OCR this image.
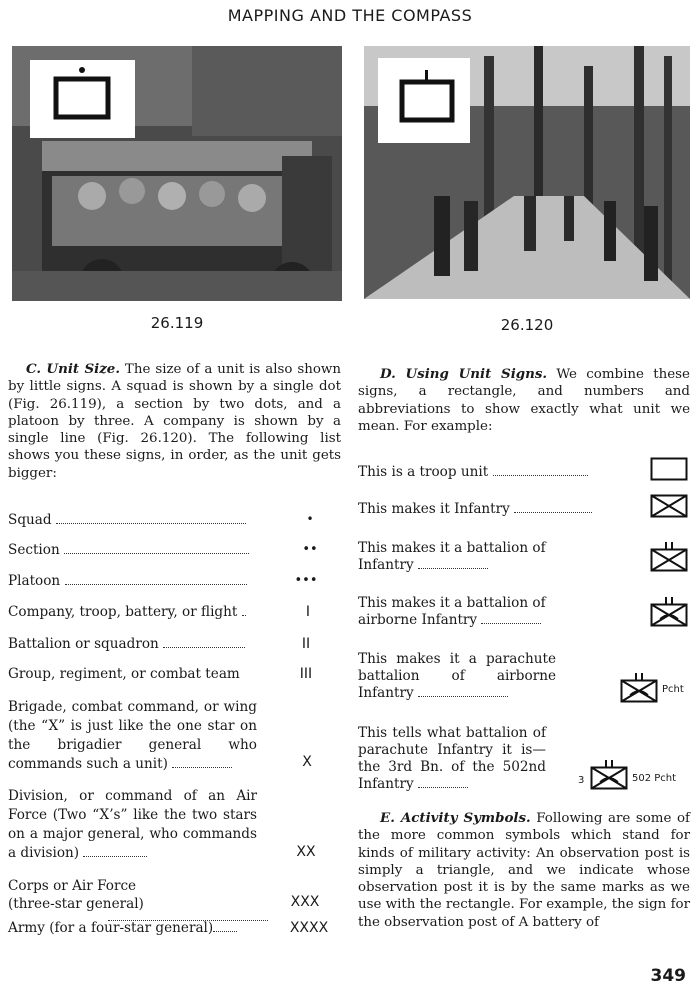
MAPPING AND THE COMPASS
26.119	26.120
C. Unit Size. The size of a unit is also shown by little signs. A squad is shown by a single dot (Fig. 26.119), a section by two dots, and a platoon by three. A company is shown by a single line (Fig. 26.120). The following list shows you these signs, in order, as the unit gets bigger:
Squad	•
Section	••
Platoon	•••
Company, troop, battery, or flight	I
Battalion or squadron	II
Group, regiment, or combat team	III
Brigade, combat command, or wing (the “X” is just like the one star on the brigadier general who commands such a unit)	X
Division, or command of an Air Force (Two “X’s” like the two stars on a major general, who commands a division)	XX
Corps or Air Force (three-star general)	XXX
Army (for a four-star general)	XXXX
D. Using Unit Signs. We combine these signs, a rectangle, and numbers and abbreviations to show exactly what unit we mean. For example:
This is a troop unit
This makes it Infantry
This makes it a battalion of Infantry
This makes it a battalion of airborne Infantry
This makes it a parachute battalion of airborne Infantry	Pcht
This tells what battalion of parachute Infantry it is—the 3rd Bn. of the 502nd Infantry	3	502 Pcht
E. Activity Symbols. Following are some of the more common symbols which stand for kinds of military activity: An observation post is simply a triangle, and we indicate whose observation post it is by the same marks as we use with the rectangle. For example, the sign for the observation post of A battery of
349
